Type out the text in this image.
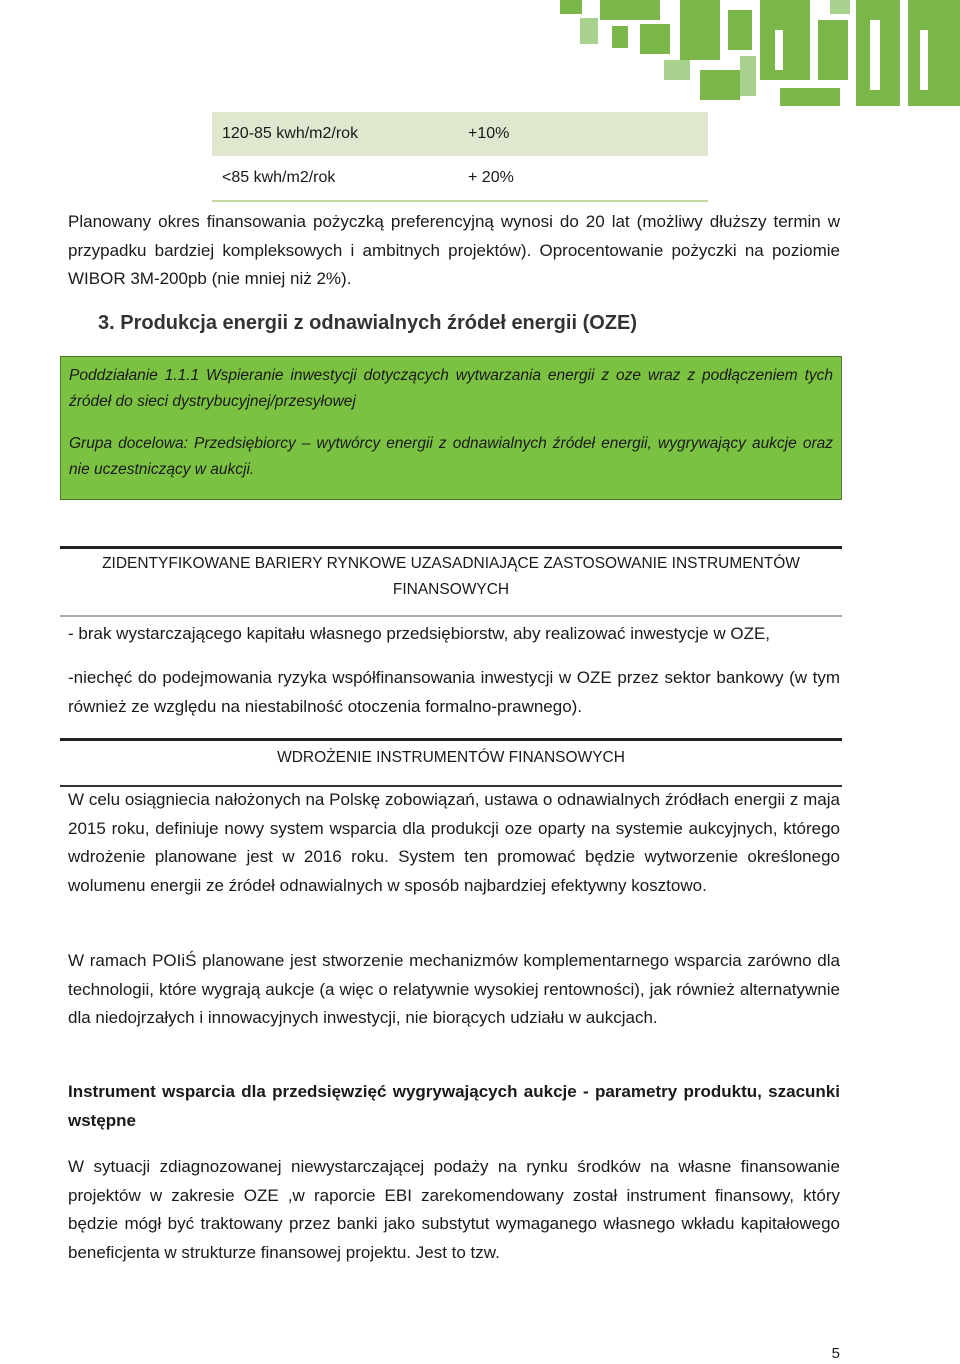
120-85 kwh/m2/rok	+10%
<85 kwh/m2/rok	+ 20%
Planowany okres finansowania pożyczką preferencyjną wynosi do 20 lat (możliwy dłuższy termin w przypadku bardziej kompleksowych i ambitnych projektów). Oprocentowanie pożyczki na poziomie WIBOR 3M-200pb (nie mniej niż 2%).
3. Produkcja energii z odnawialnych źródeł energii (OZE)

Poddziałanie 1.1.1 Wspieranie inwestycji dotyczących wytwarzania energii z oze wraz z podłączeniem tych źródeł do sieci dystrybucyjnej/przesyłowej

Grupa docelowa: Przedsiębiorcy – wytwórcy energii z odnawialnych źródeł energii, wygrywający aukcje oraz nie uczestniczący w aukcji.

ZIDENTYFIKOWANE BARIERY RYNKOWE UZASADNIAJĄCE ZASTOSOWANIE INSTRUMENTÓW FINANSOWYCH
- brak wystarczającego kapitału własnego przedsiębiorstw, aby realizować inwestycje w OZE,
-niechęć do podejmowania ryzyka współfinansowania inwestycji w OZE przez sektor bankowy (w tym również ze względu na niestabilność otoczenia formalno-prawnego).
WDROŻENIE INSTRUMENTÓW FINANSOWYCH
W celu osiągniecia nałożonych na Polskę zobowiązań, ustawa o odnawialnych źródłach energii z maja 2015 roku, definiuje nowy system wsparcia dla produkcji oze oparty na systemie aukcyjnych, którego wdrożenie planowane jest w 2016 roku. System ten promować będzie wytworzenie określonego wolumenu energii ze źródeł odnawialnych w sposób najbardziej efektywny kosztowo.
W ramach POIiŚ planowane jest stworzenie mechanizmów komplementarnego wsparcia zarówno dla technologii, które wygrają aukcje (a więc o relatywnie wysokiej rentowności), jak również alternatywnie dla niedojrzałych i innowacyjnych inwestycji, nie biorących udziału w aukcjach.
Instrument wsparcia dla przedsięwzięć wygrywających aukcje - parametry produktu, szacunki wstępne
W sytuacji zdiagnozowanej niewystarczającej podaży na rynku środków na własne finansowanie projektów w zakresie OZE ,w raporcie EBI zarekomendowany został instrument finansowy, który będzie mógł być traktowany przez banki jako substytut wymaganego własnego wkładu kapitałowego beneficjenta w strukturze finansowej projektu. Jest to tzw.
5
